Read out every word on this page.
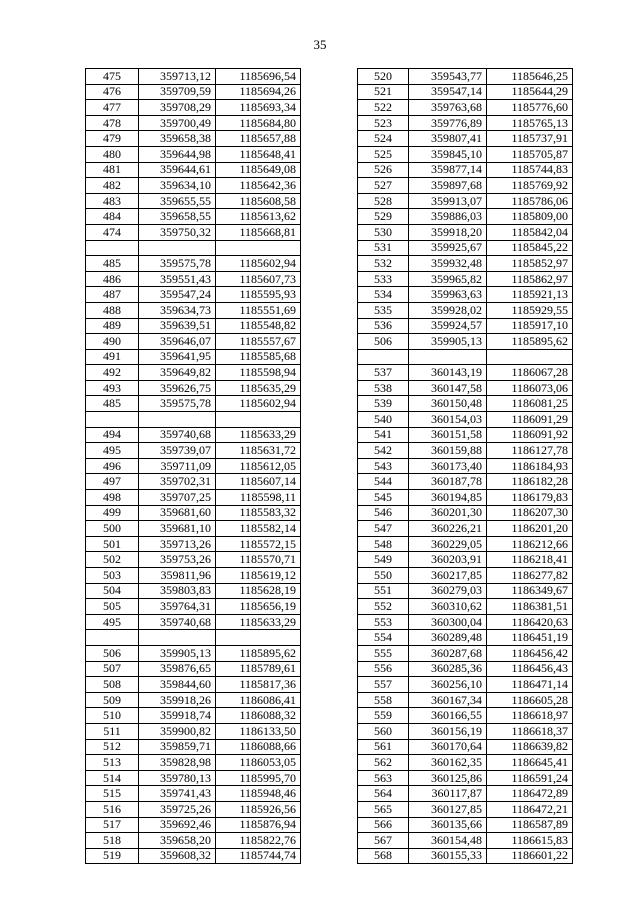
35
475	359713,12	1185696,54
476	359709,59	1185694,26
477	359708,29	1185693,34
478	359700,49	1185684,80
479	359658,38	1185657,88
480	359644,98	1185648,41
481	359644,61	1185649,08
482	359634,10	1185642,36
483	359655,55	1185608,58
484	359658,55	1185613,62
474	359750,32	1185668,81

485	359575,78	1185602,94
486	359551,43	1185607,73
487	359547,24	1185595,93
488	359634,73	1185551,69
489	359639,51	1185548,82
490	359646,07	1185557,67
491	359641,95	1185585,68
492	359649,82	1185598,94
493	359626,75	1185635,29
485	359575,78	1185602,94

494	359740,68	1185633,29
495	359739,07	1185631,72
496	359711,09	1185612,05
497	359702,31	1185607,14
498	359707,25	1185598,11
499	359681,60	1185583,32
500	359681,10	1185582,14
501	359713,26	1185572,15
502	359753,26	1185570,71
503	359811,96	1185619,12
504	359803,83	1185628,19
505	359764,31	1185656,19
495	359740,68	1185633,29

506	359905,13	1185895,62
507	359876,65	1185789,61
508	359844,60	1185817,36
509	359918,26	1186086,41
510	359918,74	1186088,32
511	359900,82	1186133,50
512	359859,71	1186088,66
513	359828,98	1186053,05
514	359780,13	1185995,70
515	359741,43	1185948,46
516	359725,26	1185926,56
517	359692,46	1185876,94
518	359658,20	1185822,76
519	359608,32	1185744,74
520	359543,77	1185646,25
521	359547,14	1185644,29
522	359763,68	1185776,60
523	359776,89	1185765,13
524	359807,41	1185737,91
525	359845,10	1185705,87
526	359877,14	1185744,83
527	359897,68	1185769,92
528	359913,07	1185786,06
529	359886,03	1185809,00
530	359918,20	1185842,04
531	359925,67	1185845,22
532	359932,48	1185852,97
533	359965,82	1185862,97
534	359963,63	1185921,13
535	359928,02	1185929,55
536	359924,57	1185917,10
506	359905,13	1185895,62

537	360143,19	1186067,28
538	360147,58	1186073,06
539	360150,48	1186081,25
540	360154,03	1186091,29
541	360151,58	1186091,92
542	360159,88	1186127,78
543	360173,40	1186184,93
544	360187,78	1186182,28
545	360194,85	1186179,83
546	360201,30	1186207,30
547	360226,21	1186201,20
548	360229,05	1186212,66
549	360203,91	1186218,41
550	360217,85	1186277,82
551	360279,03	1186349,67
552	360310,62	1186381,51
553	360300,04	1186420,63
554	360289,48	1186451,19
555	360287,68	1186456,42
556	360285,36	1186456,43
557	360256,10	1186471,14
558	360167,34	1186605,28
559	360166,55	1186618,97
560	360156,19	1186618,37
561	360170,64	1186639,82
562	360162,35	1186645,41
563	360125,86	1186591,24
564	360117,87	1186472,89
565	360127,85	1186472,21
566	360135,66	1186587,89
567	360154,48	1186615,83
568	360155,33	1186601,22
